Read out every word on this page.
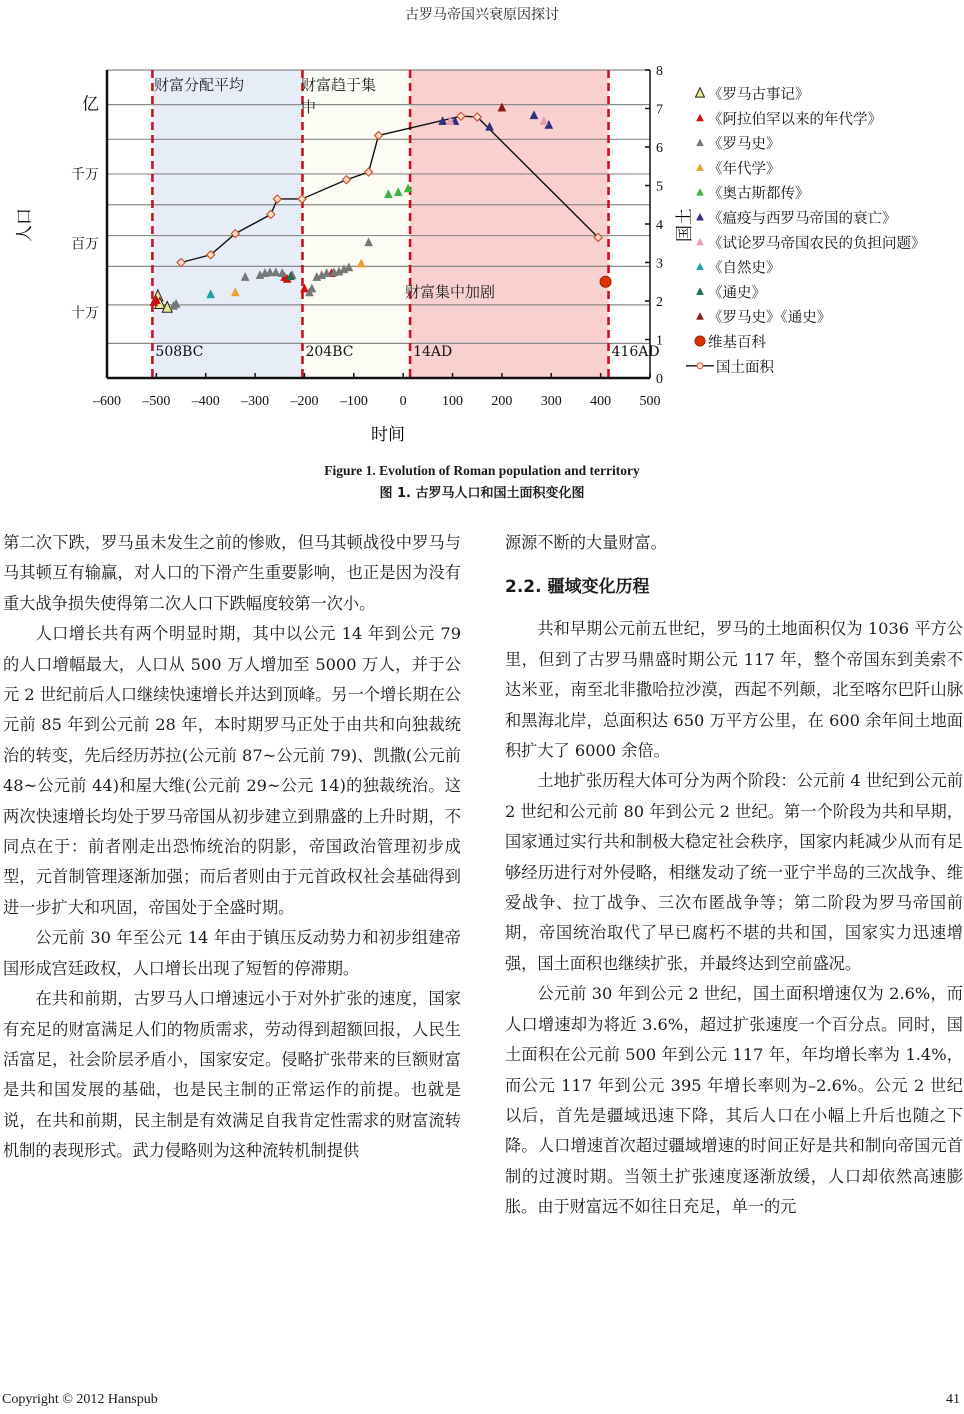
古罗马帝国兴衰原因探讨
508BC	204BC	14AD	416AD
财富分配平均	财富趋于集
中
财富集中加剧
–600 –500 –400 –300 –200 –100 0	100 200 300 400 500
0
1
2
3
4
5
6
7
8
十万
百万
千万
亿	《罗马古事记》
《阿拉伯罕以来的年代学》
《罗马史》
《年代学》
《奥古斯都传》
《瘟疫与西罗马帝国的衰亡》
《试论罗马帝国农民的负担问题》
《自然史》
《通史》
《罗马史》《通史》
维基百科
国土面积
时间
人口	国土
Figure 1. Evolution of Roman population and territory
图 1. 古罗马人口和国土面积变化图

第二次下跌，罗马虽未发生之前的惨败，但马其顿战役中罗马与马其顿互有输赢，对人口的下滑产生重要影响，也正是因为没有重大战争损失使得第二次人口下跌幅度较第一次小。

人口增长共有两个明显时期，其中以公元 14 年到公元 79 的人口增幅最大，人口从 500 万人增加至 5000 万人，并于公元 2 世纪前后人口继续快速增长并达到顶峰。另一个增长期在公元前 85 年到公元前 28 年，本时期罗马正处于由共和向独裁统治的转变，先后经历苏拉(公元前 87~公元前 79)、凯撒(公元前 48~公元前 44)和屋大维(公元前 29~公元 14)的独裁统治。这两次快速增长均处于罗马帝国从初步建立到鼎盛的上升时期，不同点在于：前者刚走出恐怖统治的阴影，帝国政治管理初步成型，元首制管理逐渐加强；而后者则由于元首政权社会基础得到进一步扩大和巩固，帝国处于全盛时期。

公元前 30 年至公元 14 年由于镇压反动势力和初步组建帝国形成宫廷政权，人口增长出现了短暂的停滞期。

在共和前期，古罗马人口增速远小于对外扩张的速度，国家有充足的财富满足人们的物质需求，劳动得到超额回报，人民生活富足，社会阶层矛盾小，国家安定。侵略扩张带来的巨额财富是共和国发展的基础，也是民主制的正常运作的前提。也就是说，在共和前期，民主制是有效满足自我肯定性需求的财富流转机制的表现形式。武力侵略则为这种流转机制提供

源源不断的大量财富。

2.2. 疆域变化历程

共和早期公元前五世纪，罗马的土地面积仅为 1036 平方公里，但到了古罗马鼎盛时期公元 117 年，整个帝国东到美索不达米亚，南至北非撒哈拉沙漠，西起不列颠，北至喀尔巴阡山脉和黑海北岸，总面积达 650 万平方公里，在 600 余年间土地面积扩大了 6000 余倍。

土地扩张历程大体可分为两个阶段：公元前 4 世纪到公元前 2 世纪和公元前 80 年到公元 2 世纪。第一个阶段为共和早期，国家通过实行共和制极大稳定社会秩序，国家内耗减少从而有足够经历进行对外侵略，相继发动了统一亚宁半岛的三次战争、维爱战争、拉丁战争、三次布匿战争等；第二阶段为罗马帝国前期，帝国统治取代了早已腐朽不堪的共和国，国家实力迅速增强，国土面积也继续扩张，并最终达到空前盛况。

公元前 30 年到公元 2 世纪，国土面积增速仅为 2.6%，而人口增速却为将近 3.6%，超过扩张速度一个百分点。同时，国土面积在公元前 500 年到公元 117 年，年均增长率为 1.4%，而公元 117 年到公元 395 年增长率则为–2.6%。公元 2 世纪以后，首先是疆域迅速下降，其后人口在小幅上升后也随之下降。人口增速首次超过疆域增速的时间正好是共和制向帝国元首制的过渡时期。当领土扩张速度逐渐放缓，人口却依然高速膨胀。由于财富远不如往日充足，单一的元

Copyright © 2012 Hanspub	41
